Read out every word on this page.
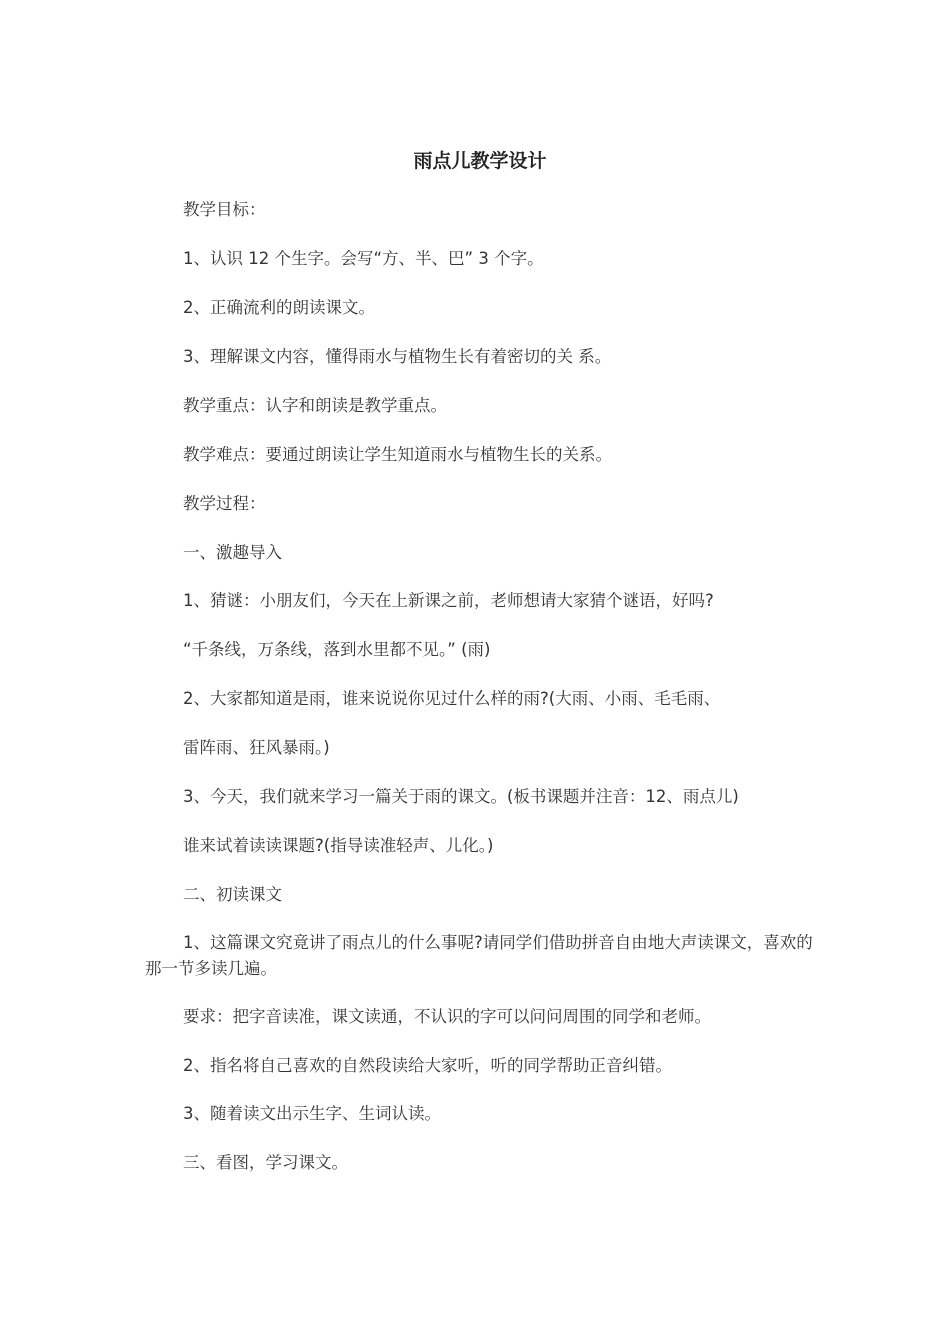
雨点儿教学设计
教学目标：
1、认识 12 个生字。会写“方、半、巴” 3 个字。
2、正确流利的朗读课文。
3、理解课文内容，懂得雨水与植物生长有着密切的关 系。
教学重点：认字和朗读是教学重点。
教学难点：要通过朗读让学生知道雨水与植物生长的关系。
教学过程：
一、激趣导入
1、猜谜：小朋友们，今天在上新课之前，老师想请大家猜个谜语，好吗?
“千条线，万条线，落到水里都不见。” (雨)
2、大家都知道是雨，谁来说说你见过什么样的雨?(大雨、小雨、毛毛雨、
雷阵雨、狂风暴雨。)
3、今天，我们就来学习一篇关于雨的课文。(板书课题并注音：12、雨点儿)
谁来试着读读课题?(指导读准轻声、儿化。)
二、初读课文
1、这篇课文究竟讲了雨点儿的什么事呢?请同学们借助拼音自由地大声读课文，喜欢的那一节多读几遍。
要求：把字音读准，课文读通，不认识的字可以问问周围的同学和老师。
2、指名将自己喜欢的自然段读给大家听，听的同学帮助正音纠错。
3、随着读文出示生字、生词认读。
三、看图，学习课文。
